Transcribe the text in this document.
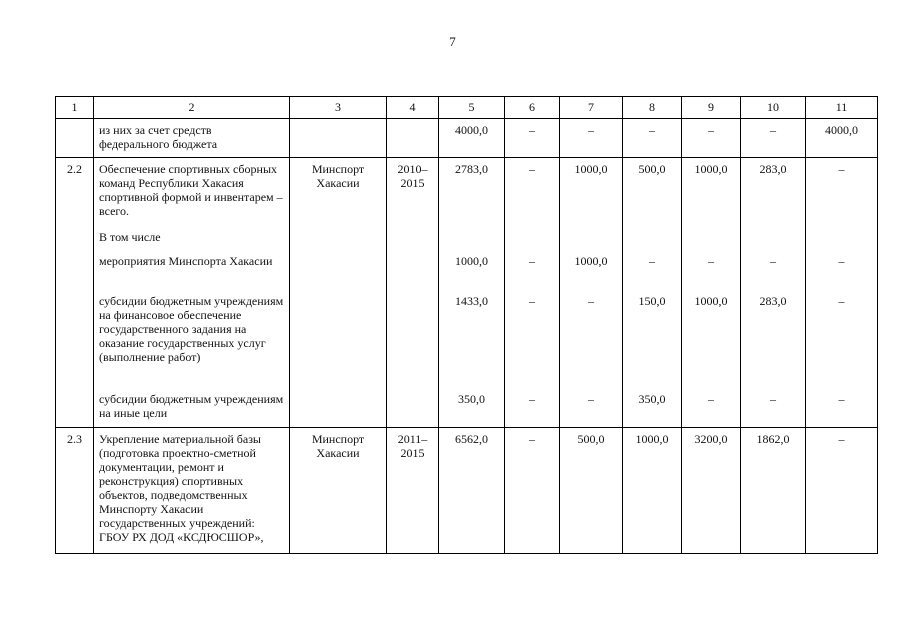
7
1	2	3	4	5	6	7	8	9	10	11
	из них за счет средств федерального бюджета			4000,0	–	–	–	–	–	4000,0
2.2	Обеспечение спортивных сборных команд Республики Хакасия спортивной формой и инвентарем – всего.	Минспорт Хакасии	2010–2015	2783,0	–	1000,0	500,0	1000,0	283,0	–
	В том числе									
	мероприятия Минспорта Хакасии			1000,0	–	1000,0	–	–	–	–
	субсидии бюджетным учреждениям на финансовое обеспечение государственного задания на оказание государственных услуг (выполнение работ)			1433,0	–	–	150,0	1000,0	283,0	–
	субсидии бюджетным учреждениям на иные цели			350,0	–	–	350,0	–	–	–
2.3	Укрепление материальной базы (подготовка проектно-сметной документации, ремонт и реконструкция) спортивных объектов, подведомственных Минспорту Хакасии государственных учреждений: ГБОУ РХ ДОД «КСДЮСШОР»,	Минспорт Хакасии	2011–2015	6562,0	–	500,0	1000,0	3200,0	1862,0	–
